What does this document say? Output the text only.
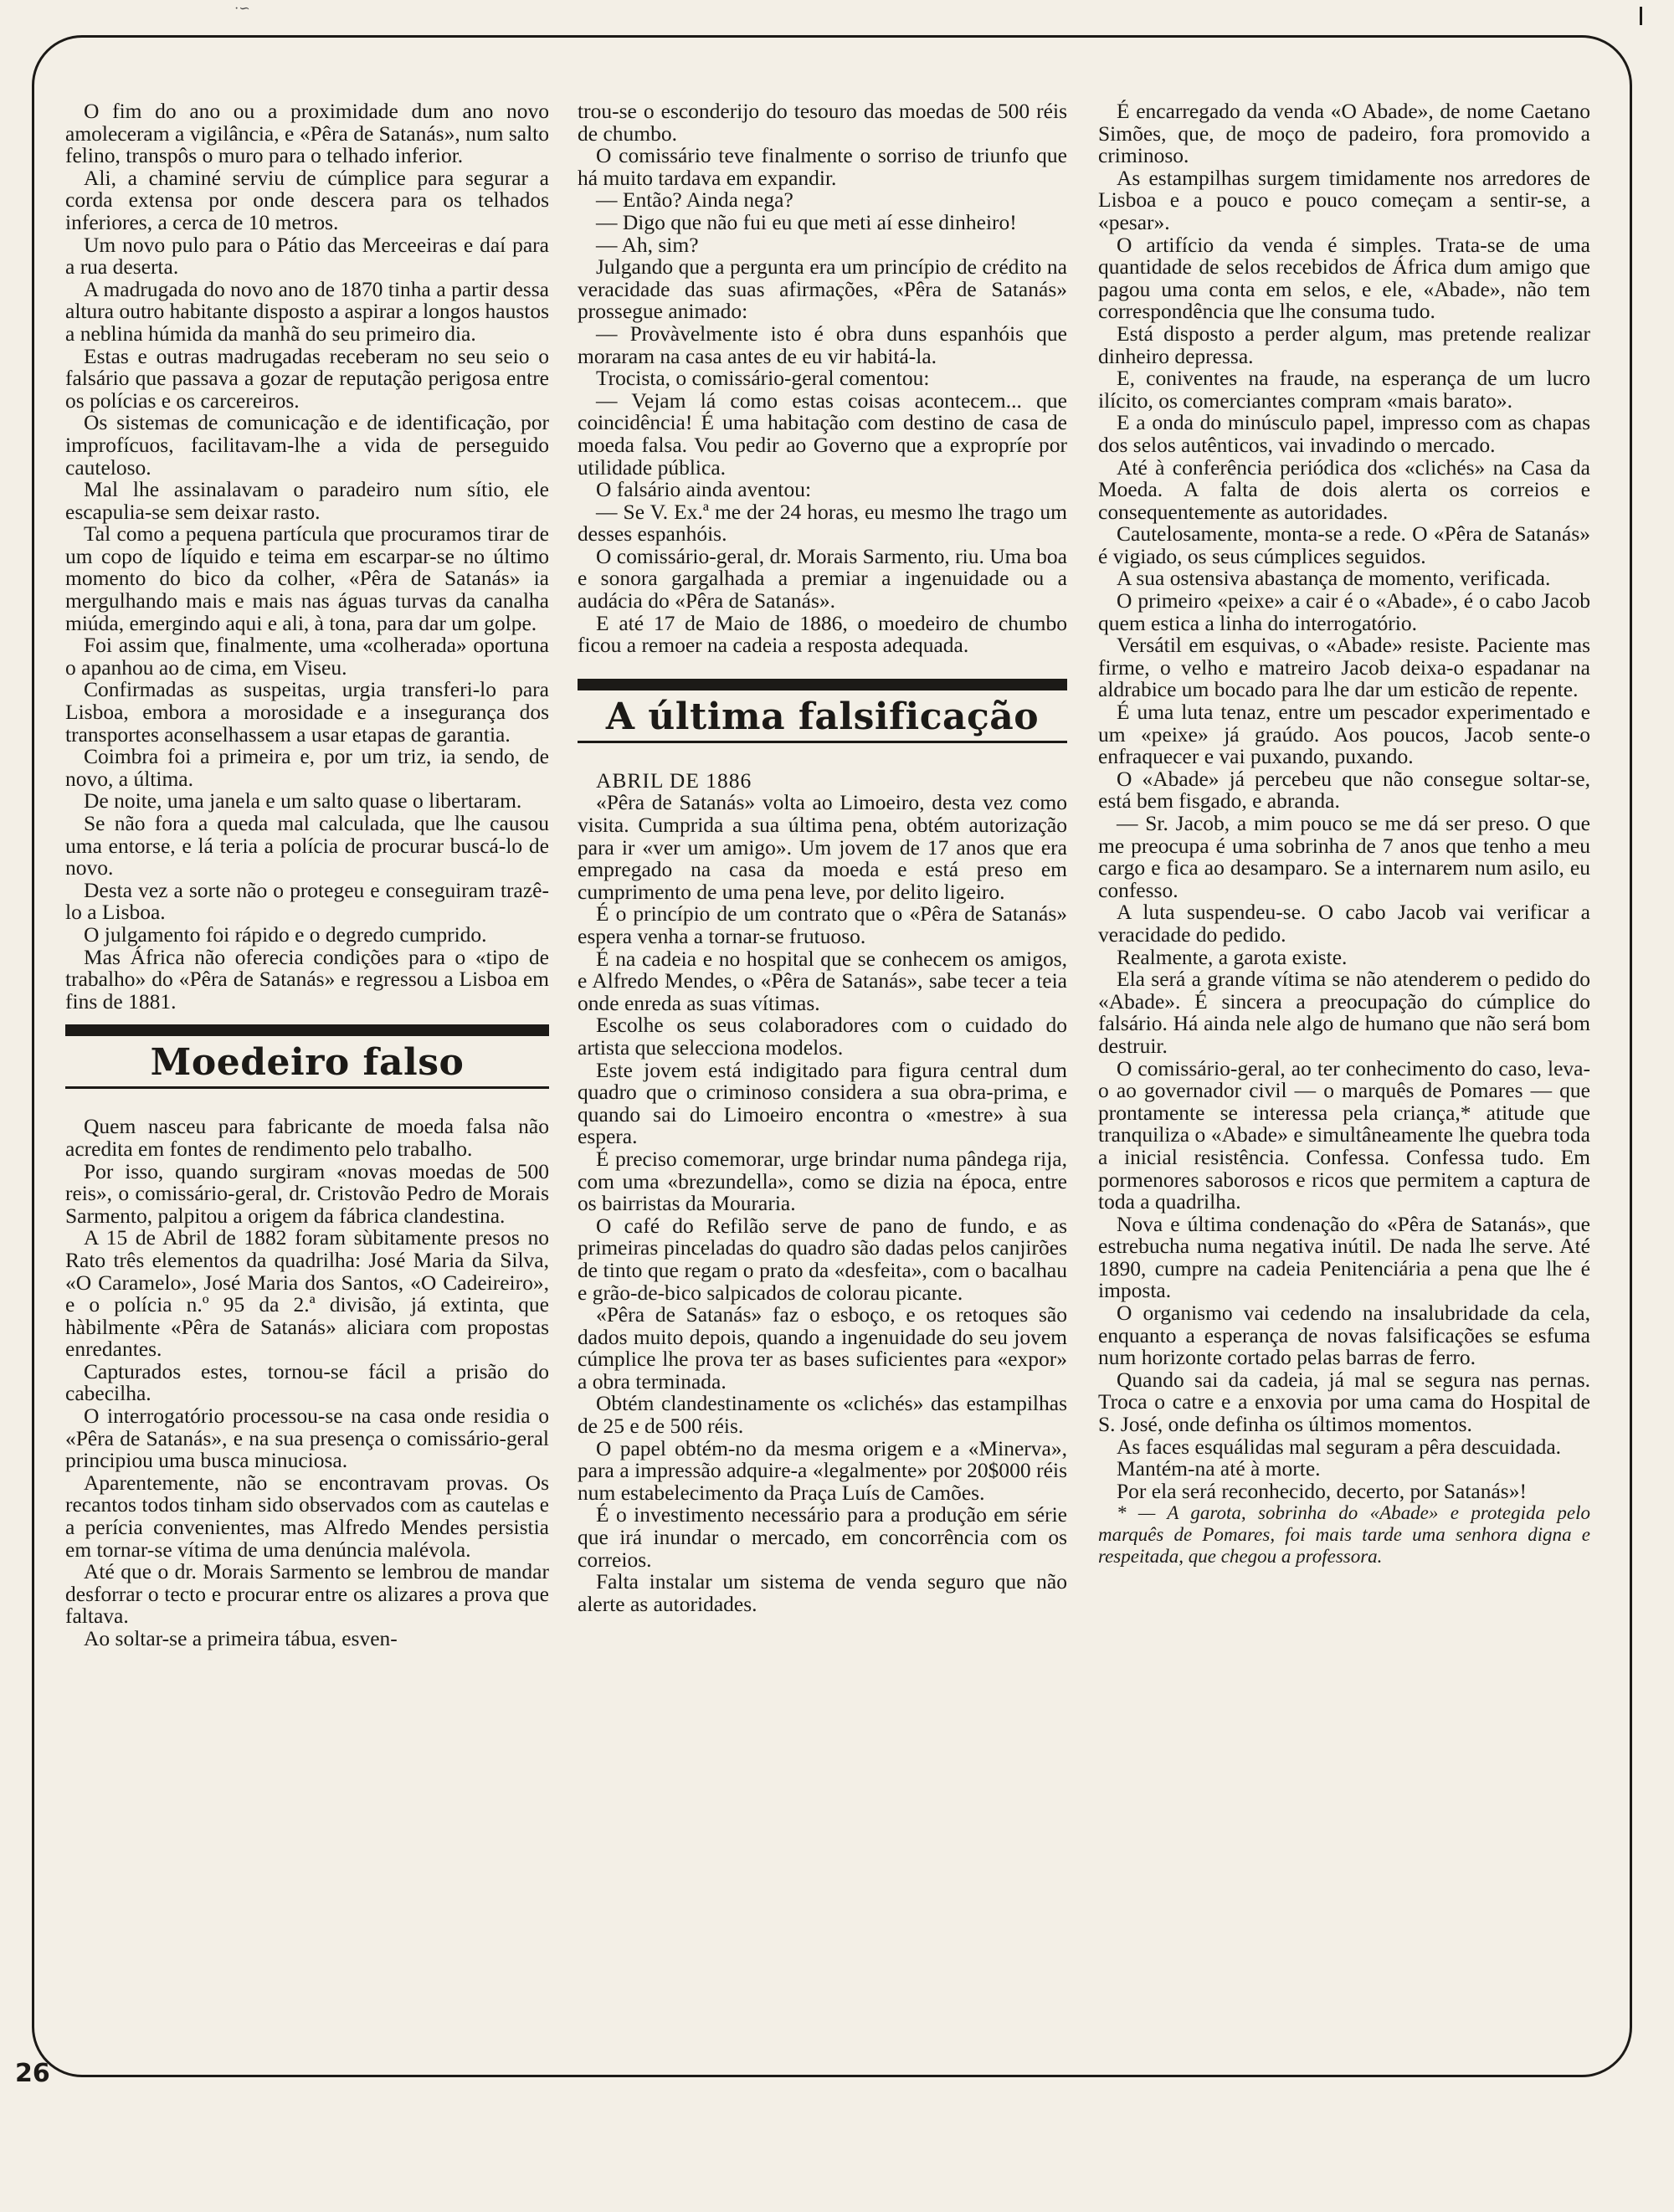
·∽

O fim do ano ou a proximidade dum ano novo amoleceram a vigilância, e «Pêra de Satanás», num salto felino, transpôs o muro para o telhado inferior.

Ali, a chaminé serviu de cúmplice para segurar a corda extensa por onde descera para os telhados inferiores, a cerca de 10 metros.

Um novo pulo para o Pátio das Merceeiras e daí para a rua deserta.

A madrugada do novo ano de 1870 tinha a partir dessa altura outro habitante disposto a aspirar a longos haustos a neblina húmida da manhã do seu primeiro dia.

Estas e outras madrugadas receberam no seu seio o falsário que passava a gozar de reputação perigosa entre os polícias e os carcereiros.

Os sistemas de comunicação e de identificação, por improfícuos, facilitavam-lhe a vida de perseguido cauteloso.

Mal lhe assinalavam o paradeiro num sítio, ele escapulia-se sem deixar rasto.

Tal como a pequena partícula que procuramos tirar de um copo de líquido e teima em escarpar-se no último momento do bico da colher, «Pêra de Satanás» ia mergulhando mais e mais nas águas turvas da canalha miúda, emergindo aqui e ali, à tona, para dar um golpe.

Foi assim que, finalmente, uma «colherada» oportuna o apanhou ao de cima, em Viseu.

Confirmadas as suspeitas, urgia transferi-lo para Lisboa, embora a morosidade e a insegurança dos transportes aconselhassem a usar etapas de garantia.

Coimbra foi a primeira e, por um triz, ia sendo, de novo, a última.

De noite, uma janela e um salto quase o libertaram.

Se não fora a queda mal calculada, que lhe causou uma entorse, e lá teria a polícia de procurar buscá-lo de novo.

Desta vez a sorte não o protegeu e conseguiram trazê-lo a Lisboa.

O julgamento foi rápido e o degredo cumprido.

Mas África não oferecia condições para o «tipo de trabalho» do «Pêra de Satanás» e regressou a Lisboa em fins de 1881.

Moedeiro falso

Quem nasceu para fabricante de moeda falsa não acredita em fontes de rendimento pelo trabalho.

Por isso, quando surgiram «novas moedas de 500 reis», o comissário-geral, dr. Cristovão Pedro de Morais Sarmento, palpitou a origem da fábrica clandestina.

A 15 de Abril de 1882 foram sùbitamente presos no Rato três elementos da quadrilha: José Maria da Silva, «O Caramelo», José Maria dos Santos, «O Cadeireiro», e o polícia n.º 95 da 2.ª divisão, já extinta, que hàbilmente «Pêra de Satanás» aliciara com propostas enredantes.

Capturados estes, tornou-se fácil a prisão do cabecilha.

O interrogatório processou-se na casa onde residia o «Pêra de Satanás», e na sua presença o comissário-geral principiou uma busca minuciosa.

Aparentemente, não se encontravam provas. Os recantos todos tinham sido observados com as cautelas e a perícia convenientes, mas Alfredo Mendes persistia em tornar-se vítima de uma denúncia malévola.

Até que o dr. Morais Sarmento se lembrou de mandar desforrar o tecto e procurar entre os alizares a prova que faltava.

Ao soltar-se a primeira tábua, esven-

trou-se o esconderijo do tesouro das moedas de 500 réis de chumbo.

O comissário teve finalmente o sorriso de triunfo que há muito tardava em expandir.

— Então? Ainda nega?

— Digo que não fui eu que meti aí esse dinheiro!

— Ah, sim?

Julgando que a pergunta era um princípio de crédito na veracidade das suas afirmações, «Pêra de Satanás» prossegue animado:

— Provàvelmente isto é obra duns espanhóis que moraram na casa antes de eu vir habitá-la.

Trocista, o comissário-geral comentou:

— Vejam lá como estas coisas acontecem... que coincidência! É uma habitação com destino de casa de moeda falsa. Vou pedir ao Governo que a expropríe por utilidade pública.

O falsário ainda aventou:

— Se V. Ex.ª me der 24 horas, eu mesmo lhe trago um desses espanhóis.

O comissário-geral, dr. Morais Sarmento, riu. Uma boa e sonora gargalhada a premiar a ingenuidade ou a audácia do «Pêra de Satanás».

E até 17 de Maio de 1886, o moedeiro de chumbo ficou a remoer na cadeia a resposta adequada.

A última falsificação

ABRIL DE 1886

«Pêra de Satanás» volta ao Limoeiro, desta vez como visita. Cumprida a sua última pena, obtém autorização para ir «ver um amigo». Um jovem de 17 anos que era empregado na casa da moeda e está preso em cumprimento de uma pena leve, por delito ligeiro.

É o princípio de um contrato que o «Pêra de Satanás» espera venha a tornar-se frutuoso.

É na cadeia e no hospital que se conhecem os amigos, e Alfredo Mendes, o «Pêra de Satanás», sabe tecer a teia onde enreda as suas vítimas.

Escolhe os seus colaboradores com o cuidado do artista que selecciona modelos.

Este jovem está indigitado para figura central dum quadro que o criminoso considera a sua obra-prima, e quando sai do Limoeiro encontra o «mestre» à sua espera.

É preciso comemorar, urge brindar numa pândega rija, com uma «brezundella», como se dizia na época, entre os bairristas da Mouraria.

O café do Refilão serve de pano de fundo, e as primeiras pinceladas do quadro são dadas pelos canjirões de tinto que regam o prato da «desfeita», com o bacalhau e grão-de-bico salpicados de colorau picante.

«Pêra de Satanás» faz o esboço, e os retoques são dados muito depois, quando a ingenuidade do seu jovem cúmplice lhe prova ter as bases suficientes para «expor» a obra terminada.

Obtém clandestinamente os «clichés» das estampilhas de 25 e de 500 réis.

O papel obtém-no da mesma origem e a «Minerva», para a impressão adquire-a «legalmente» por 20$000 réis num estabelecimento da Praça Luís de Camões.

É o investimento necessário para a produção em série que irá inundar o mercado, em concorrência com os correios.

Falta instalar um sistema de venda seguro que não alerte as autoridades.

É encarregado da venda «O Abade», de nome Caetano Simões, que, de moço de padeiro, fora promovido a criminoso.

As estampilhas surgem timidamente nos arredores de Lisboa e a pouco e pouco começam a sentir-se, a «pesar».

O artifício da venda é simples. Trata-se de uma quantidade de selos recebidos de África dum amigo que pagou uma conta em selos, e ele, «Abade», não tem correspondência que lhe consuma tudo.

Está disposto a perder algum, mas pretende realizar dinheiro depressa.

E, coniventes na fraude, na esperança de um lucro ilícito, os comerciantes compram «mais barato».

E a onda do minúsculo papel, impresso com as chapas dos selos autênticos, vai invadindo o mercado.

Até à conferência periódica dos «clichés» na Casa da Moeda. A falta de dois alerta os correios e consequentemente as autoridades.

Cautelosamente, monta-se a rede. O «Pêra de Satanás» é vigiado, os seus cúmplices seguidos.

A sua ostensiva abastança de momento, verificada.

O primeiro «peixe» a cair é o «Abade», é o cabo Jacob quem estica a linha do interrogatório.

Versátil em esquivas, o «Abade» resiste. Paciente mas firme, o velho e matreiro Jacob deixa-o espadanar na aldrabice um bocado para lhe dar um esticão de repente.

É uma luta tenaz, entre um pescador experimentado e um «peixe» já graúdo. Aos poucos, Jacob sente-o enfraquecer e vai puxando, puxando.

O «Abade» já percebeu que não consegue soltar-se, está bem fisgado, e abranda.

— Sr. Jacob, a mim pouco se me dá ser preso. O que me preocupa é uma sobrinha de 7 anos que tenho a meu cargo e fica ao desamparo. Se a internarem num asilo, eu confesso.

A luta suspendeu-se. O cabo Jacob vai verificar a veracidade do pedido.

Realmente, a garota existe.

Ela será a grande vítima se não atenderem o pedido do «Abade». É sincera a preocupação do cúmplice do falsário. Há ainda nele algo de humano que não será bom destruir.

O comissário-geral, ao ter conhecimento do caso, leva-o ao governador civil — o marquês de Pomares — que prontamente se interessa pela criança,* atitude que tranquiliza o «Abade» e simultâneamente lhe quebra toda a inicial resistência. Confessa. Confessa tudo. Em pormenores saborosos e ricos que permitem a captura de toda a quadrilha.

Nova e última condenação do «Pêra de Satanás», que estrebucha numa negativa inútil. De nada lhe serve. Até 1890, cumpre na cadeia Penitenciária a pena que lhe é imposta.

O organismo vai cedendo na insalubridade da cela, enquanto a esperança de novas falsificações se esfuma num horizonte cortado pelas barras de ferro.

Quando sai da cadeia, já mal se segura nas pernas. Troca o catre e a enxovia por uma cama do Hospital de S. José, onde definha os últimos momentos.

As faces esquálidas mal seguram a pêra descuidada.

Mantém-na até à morte.

Por ela será reconhecido, decerto, por Satanás»!

* — A garota, sobrinha do «Abade» e protegida pelo marquês de Pomares, foi mais tarde uma senhora digna e respeitada, que chegou a professora.

26
